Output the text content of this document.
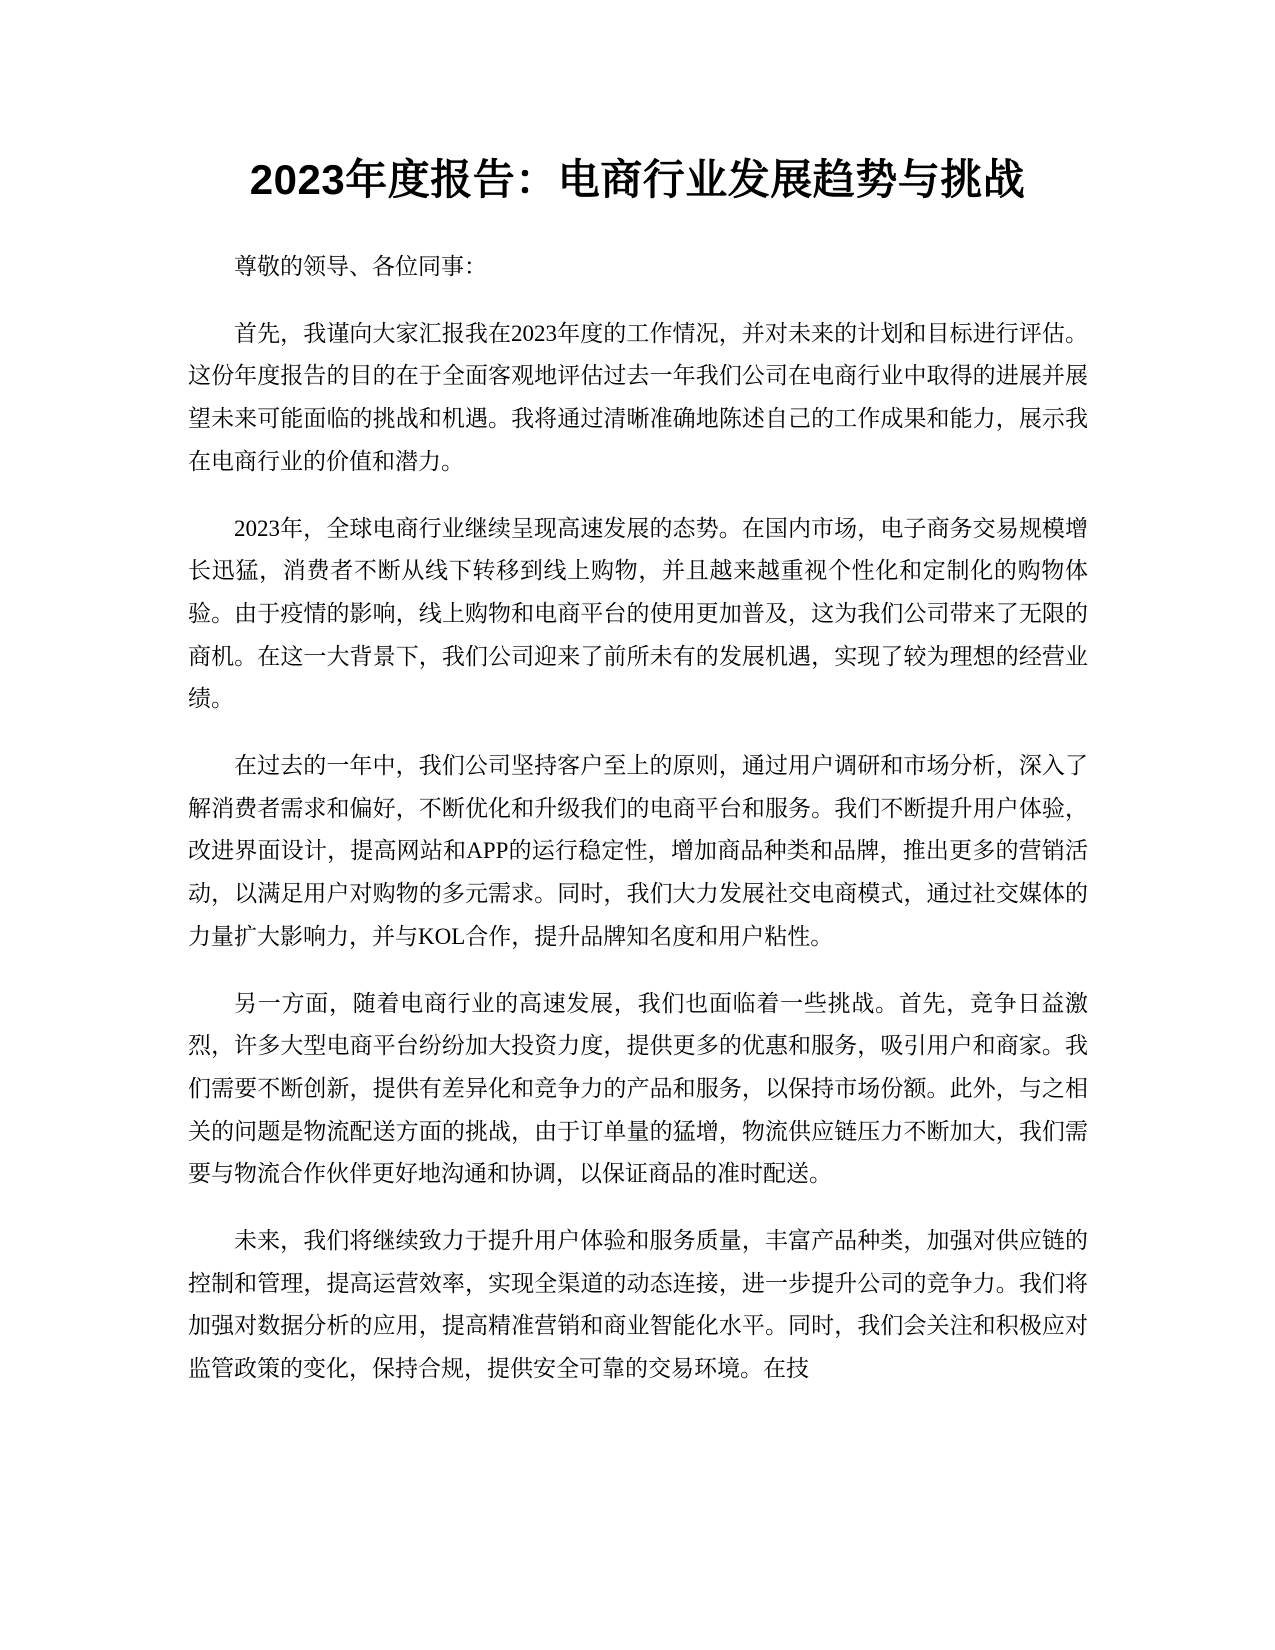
2023年度报告：电商行业发展趋势与挑战

尊敬的领导、各位同事：

首先，我谨向大家汇报我在2023年度的工作情况，并对未来的计划和目标进行评估。这份年度报告的目的在于全面客观地评估过去一年我们公司在电商行业中取得的进展并展望未来可能面临的挑战和机遇。我将通过清晰准确地陈述自己的工作成果和能力，展示我在电商行业的价值和潜力。

2023年，全球电商行业继续呈现高速发展的态势。在国内市场，电子商务交易规模增长迅猛，消费者不断从线下转移到线上购物，并且越来越重视个性化和定制化的购物体验。由于疫情的影响，线上购物和电商平台的使用更加普及，这为我们公司带来了无限的商机。在这一大背景下，我们公司迎来了前所未有的发展机遇，实现了较为理想的经营业绩。

在过去的一年中，我们公司坚持客户至上的原则，通过用户调研和市场分析，深入了解消费者需求和偏好，不断优化和升级我们的电商平台和服务。我们不断提升用户体验，改进界面设计，提高网站和APP的运行稳定性，增加商品种类和品牌，推出更多的营销活动，以满足用户对购物的多元需求。同时，我们大力发展社交电商模式，通过社交媒体的力量扩大影响力，并与KOL合作，提升品牌知名度和用户粘性。

另一方面，随着电商行业的高速发展，我们也面临着一些挑战。首先，竞争日益激烈，许多大型电商平台纷纷加大投资力度，提供更多的优惠和服务，吸引用户和商家。我们需要不断创新，提供有差异化和竞争力的产品和服务，以保持市场份额。此外，与之相关的问题是物流配送方面的挑战，由于订单量的猛增，物流供应链压力不断加大，我们需要与物流合作伙伴更好地沟通和协调，以保证商品的准时配送。

未来，我们将继续致力于提升用户体验和服务质量，丰富产品种类，加强对供应链的控制和管理，提高运营效率，实现全渠道的动态连接，进一步提升公司的竞争力。我们将加强对数据分析的应用，提高精准营销和商业智能化水平。同时，我们会关注和积极应对监管政策的变化，保持合规，提供安全可靠的交易环境。在技
